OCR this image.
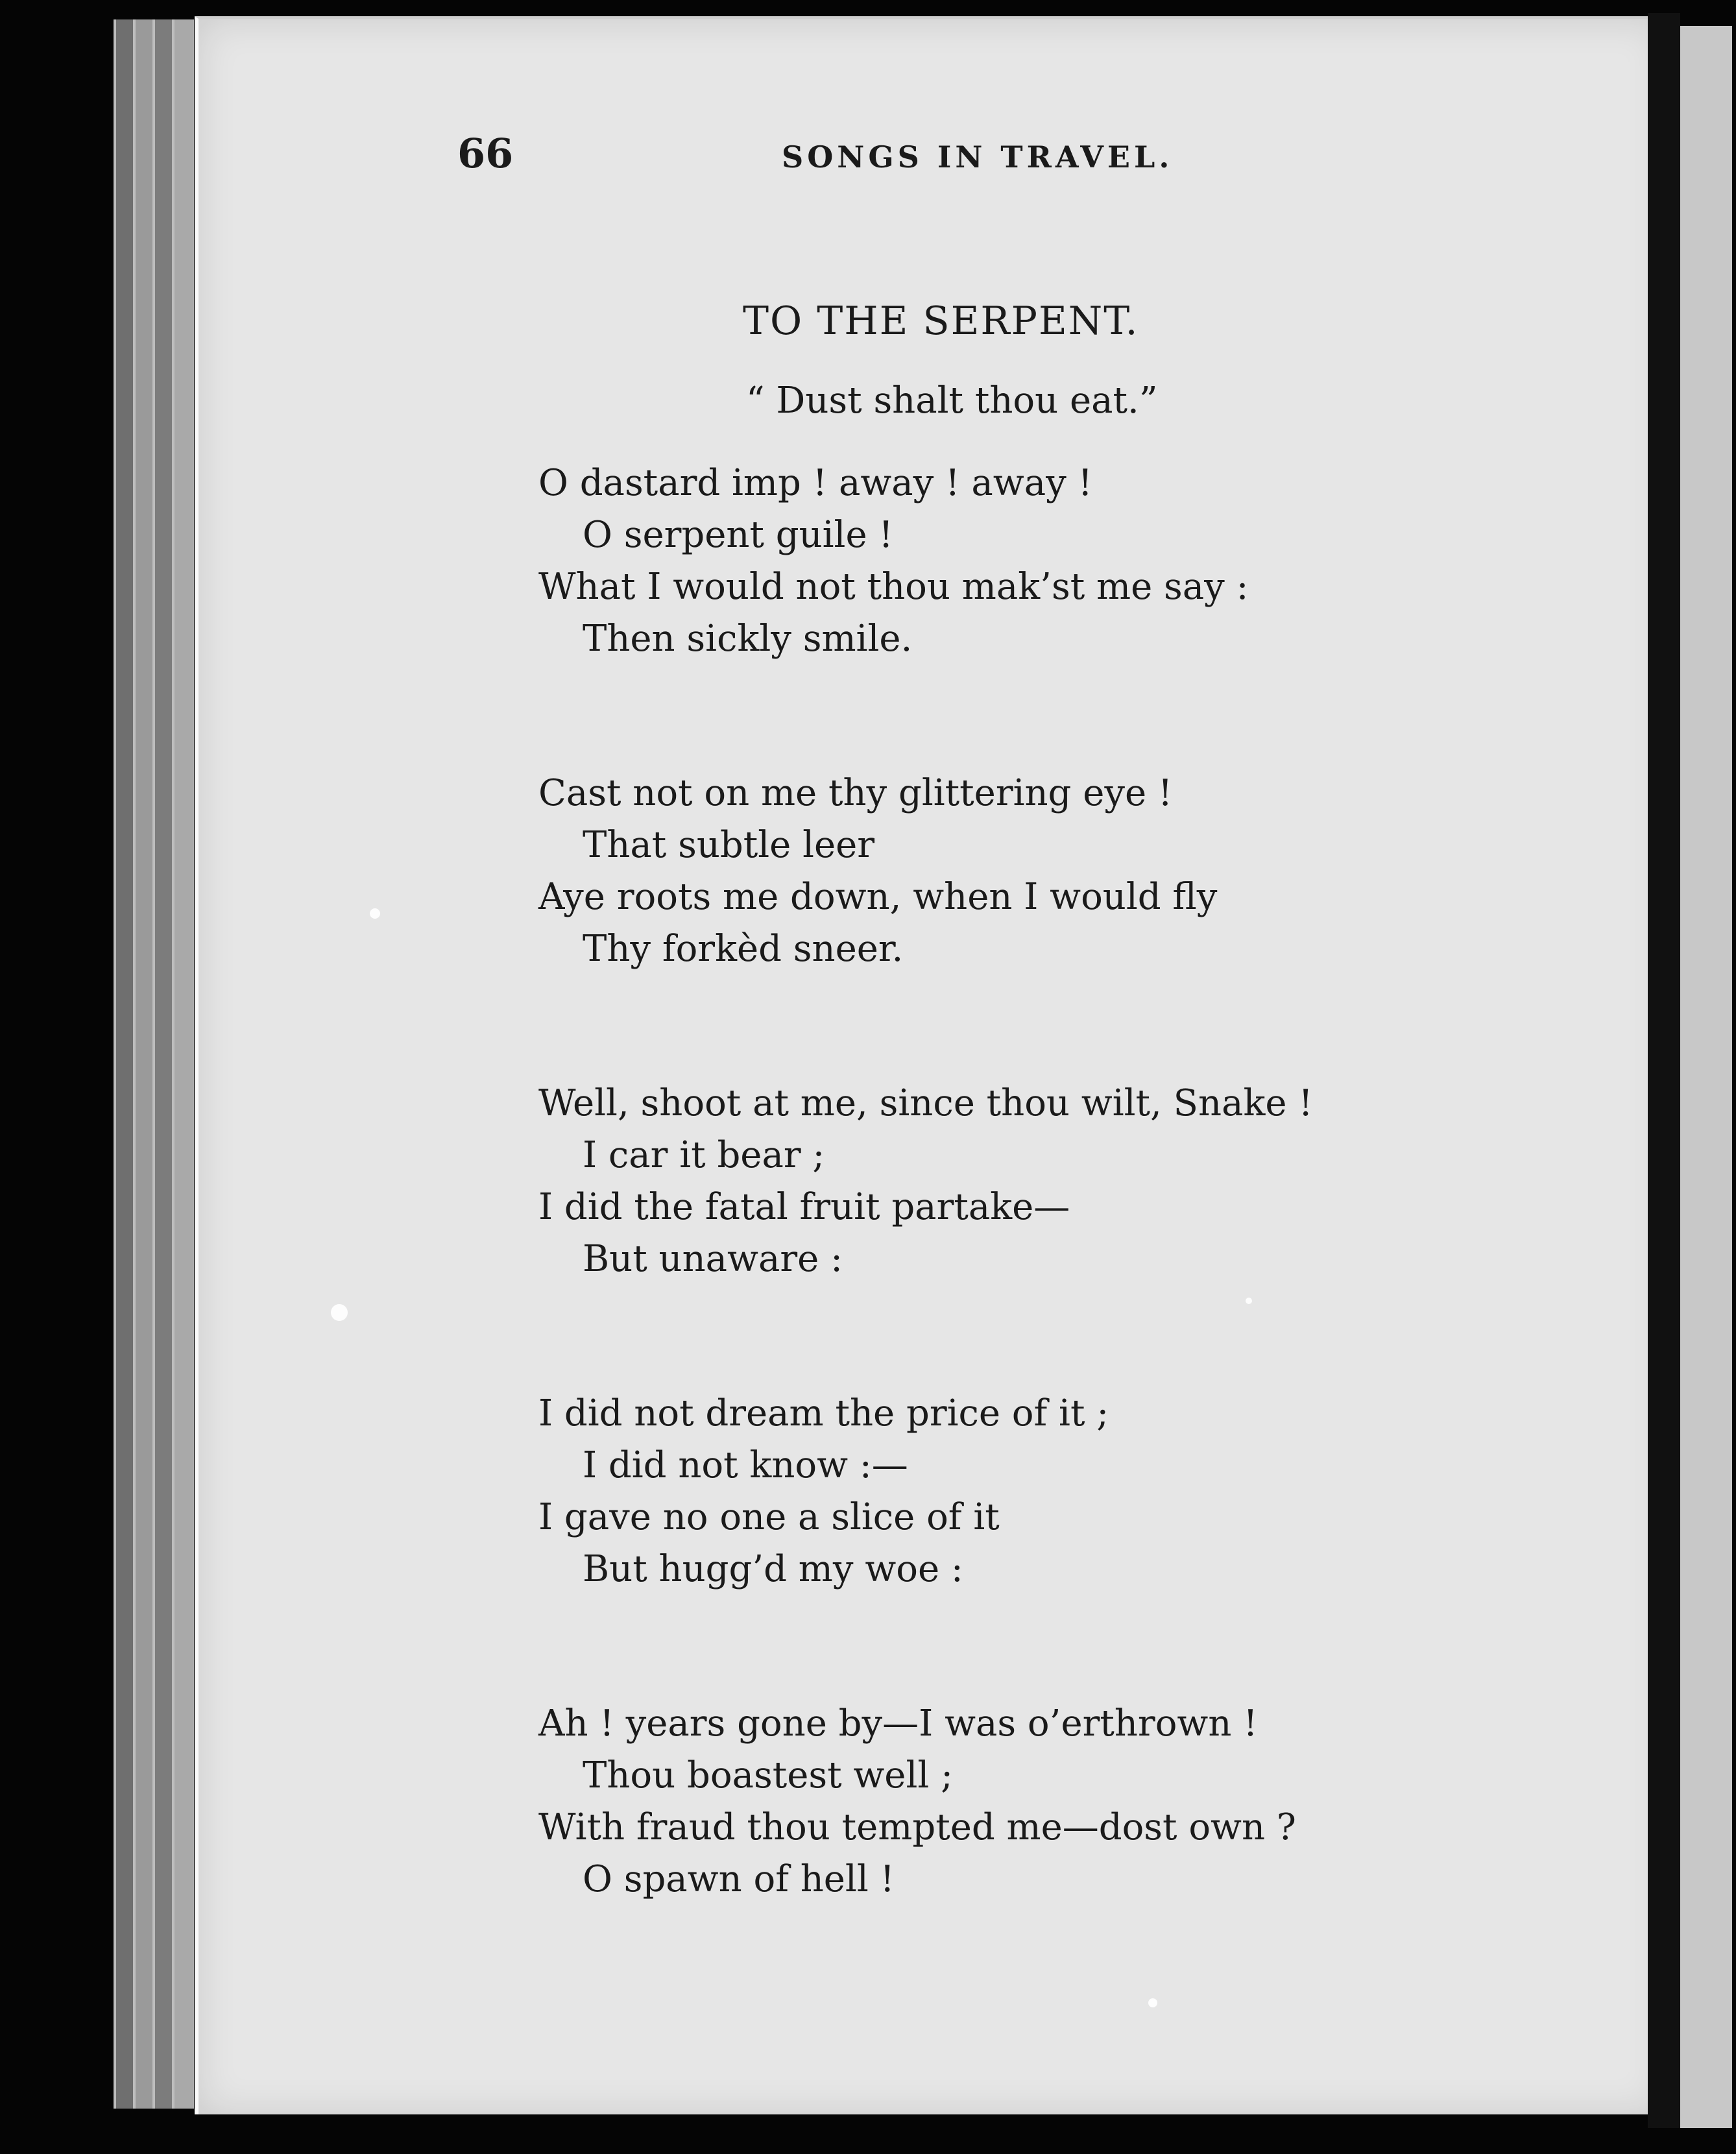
66	SONGS IN TRAVEL.

TO THE SERPENT.

“ Dust shalt thou eat.”

O dastard imp ! away ! away !
O serpent guile !
What I would not thou mak’st me say :
Then sickly smile.
Cast not on me thy glittering eye !
That subtle leer
Aye roots me down, when I would fly
Thy forkèd sneer.
Well, shoot at me, since thou wilt, Snake !
I car it bear ;
I did the fatal fruit partake—
But unaware :
I did not dream the price of it ;
I did not know :—
I gave no one a slice of it
But hugg’d my woe :
Ah ! years gone by—I was o’erthrown !
Thou boastest well ;
With fraud thou tempted me—dost own ?
O spawn of hell !
